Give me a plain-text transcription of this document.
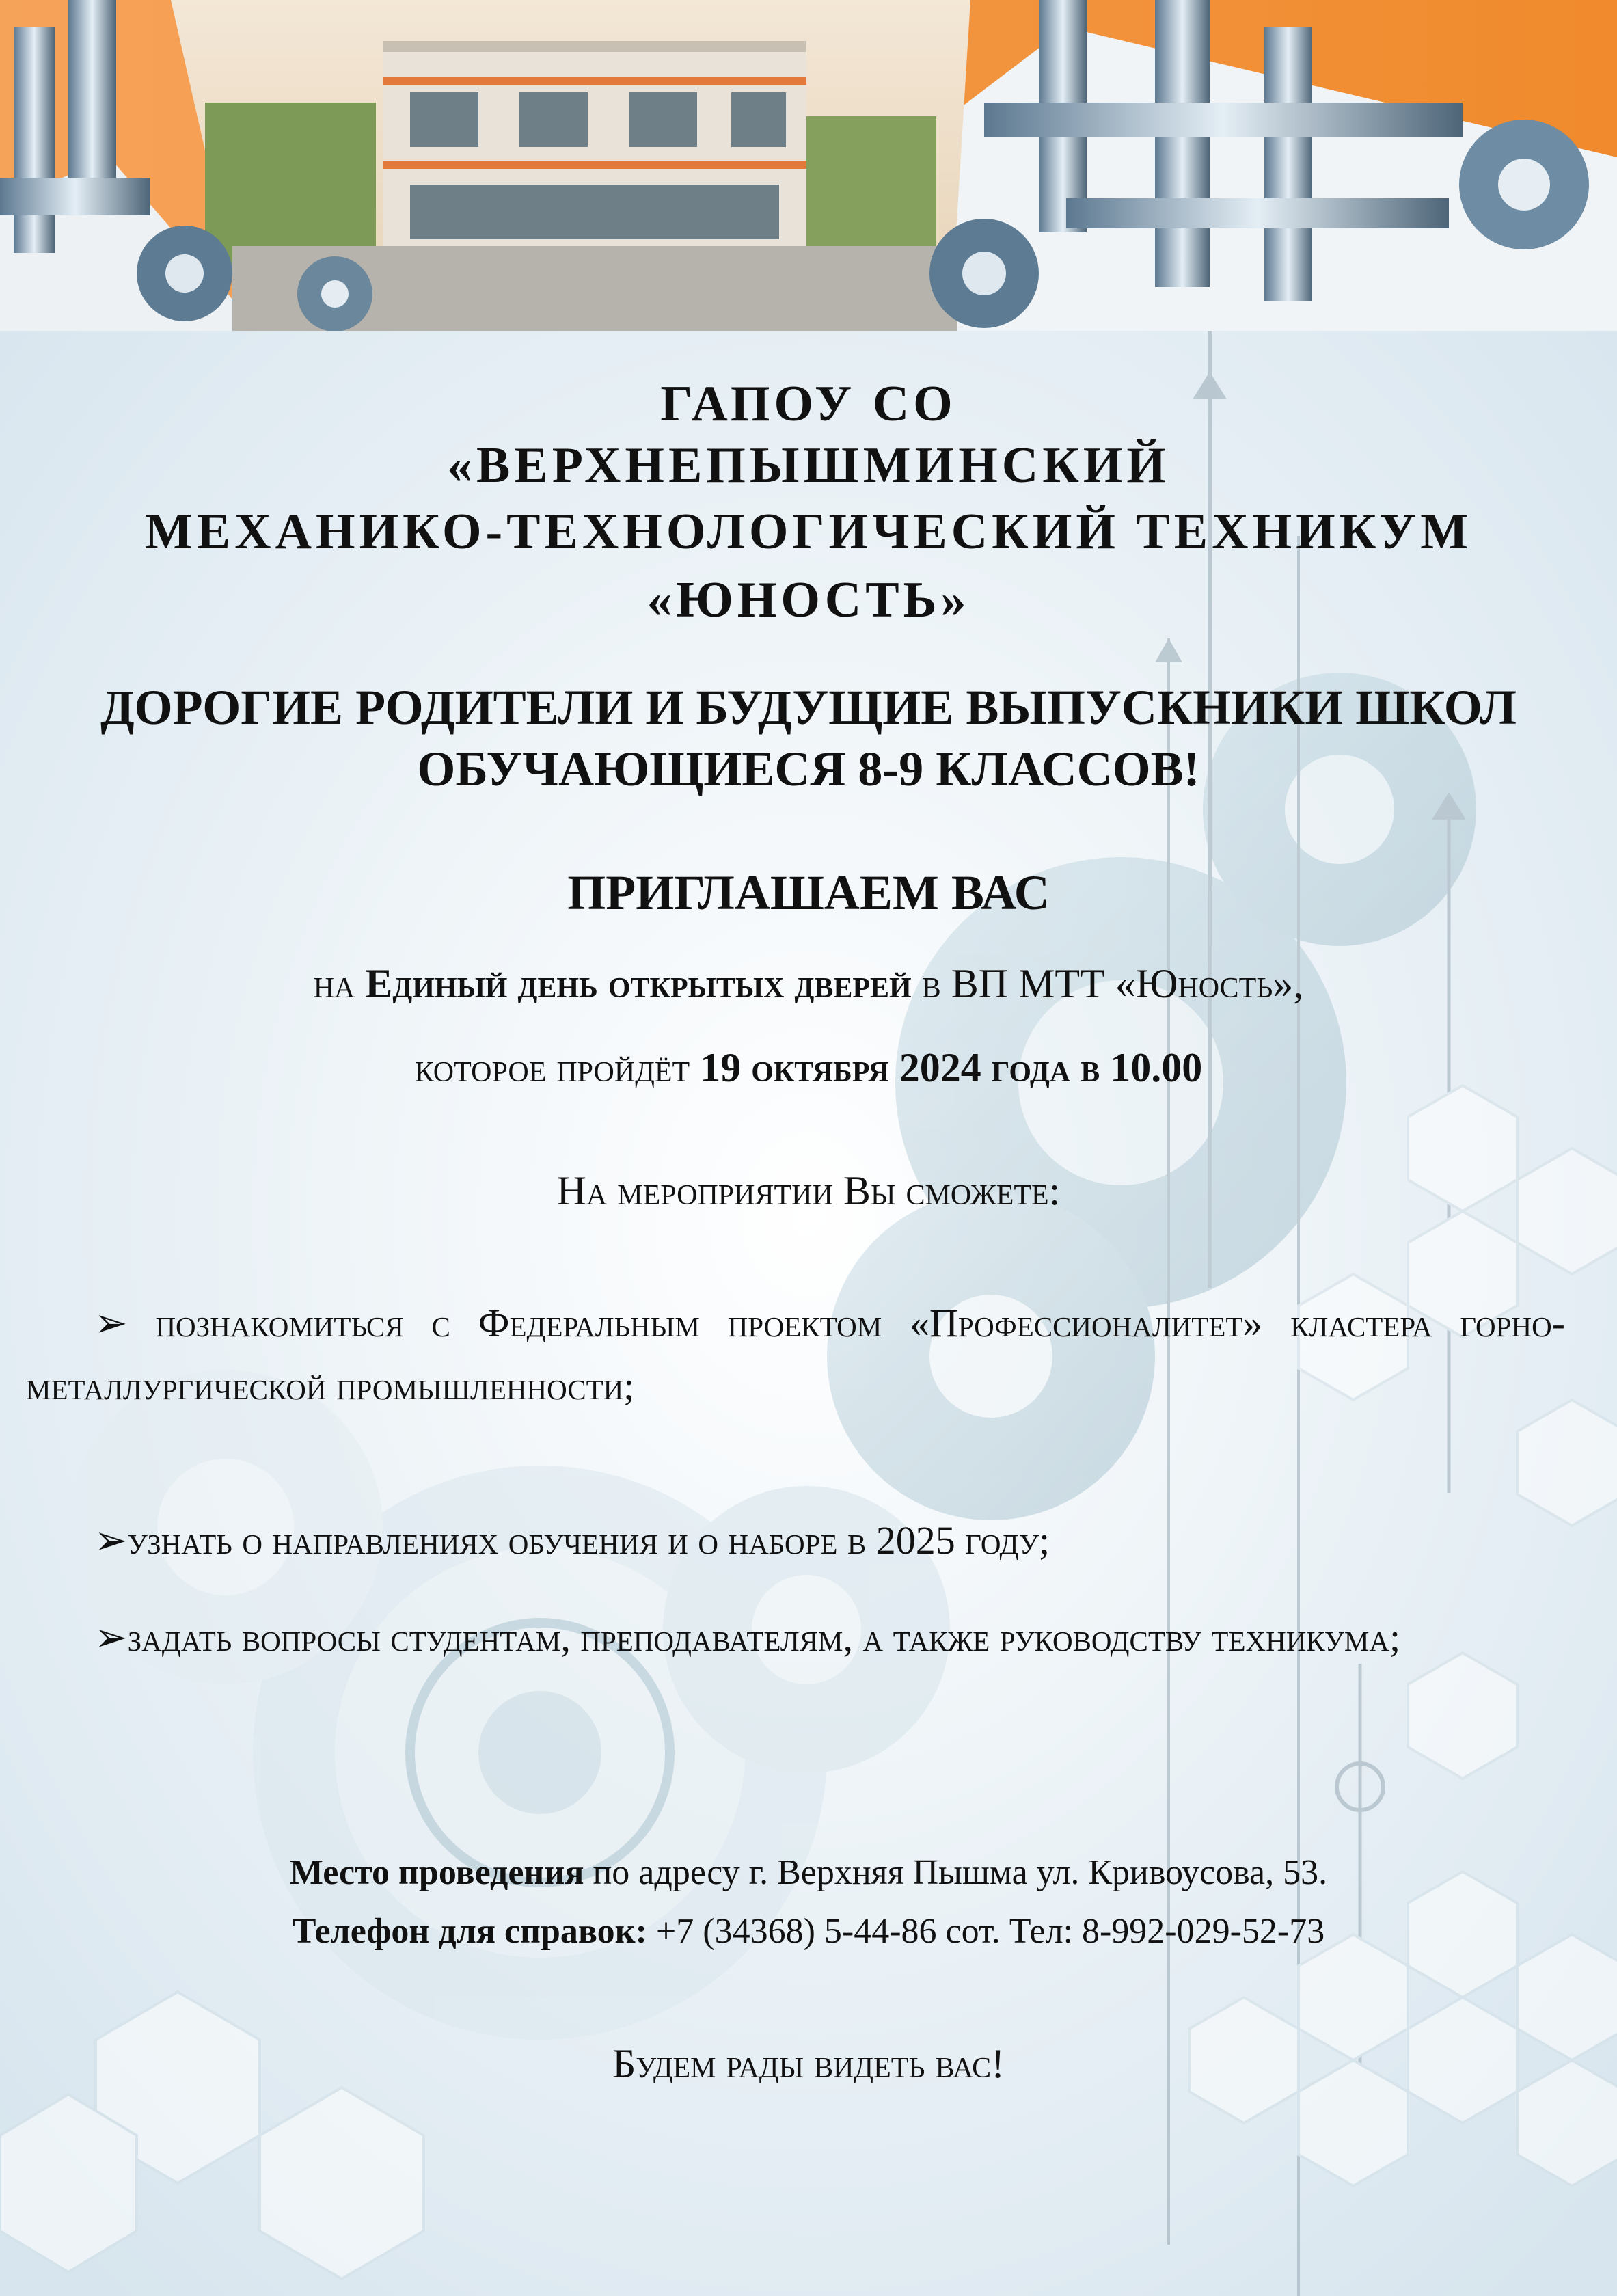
ГАПОУ СО
«ВЕРХНЕПЫШМИНСКИЙ
МЕХАНИКО-ТЕХНОЛОГИЧЕСКИЙ ТЕХНИКУМ
«ЮНОСТЬ»
ДОРОГИЕ РОДИТЕЛИ И БУДУЩИЕ ВЫПУСКНИКИ ШКОЛ
ОБУЧАЮЩИЕСЯ 8-9 КЛАССОВ!
ПРИГЛАШАЕМ ВАС
на Единый день открытых дверей в ВП МТТ «Юность»,
которое пройдёт 19 октября 2024 года в 10.00
На мероприятии Вы сможете:

➢ познакомиться с Федеральным проектом «Профессионалитет» кластера горно-металлургической промышленности;

➢узнать о направлениях обучения и о наборе в 2025 году;

➢задать вопросы студентам, преподавателям, а также руководству техникума;

Место проведения по адресу г. Верхняя Пышма ул. Кривоусова, 53.
Телефон для справок: +7 (34368) 5-44-86 сот. Тел: 8-992-029-52-73
Будем рады видеть вас!
